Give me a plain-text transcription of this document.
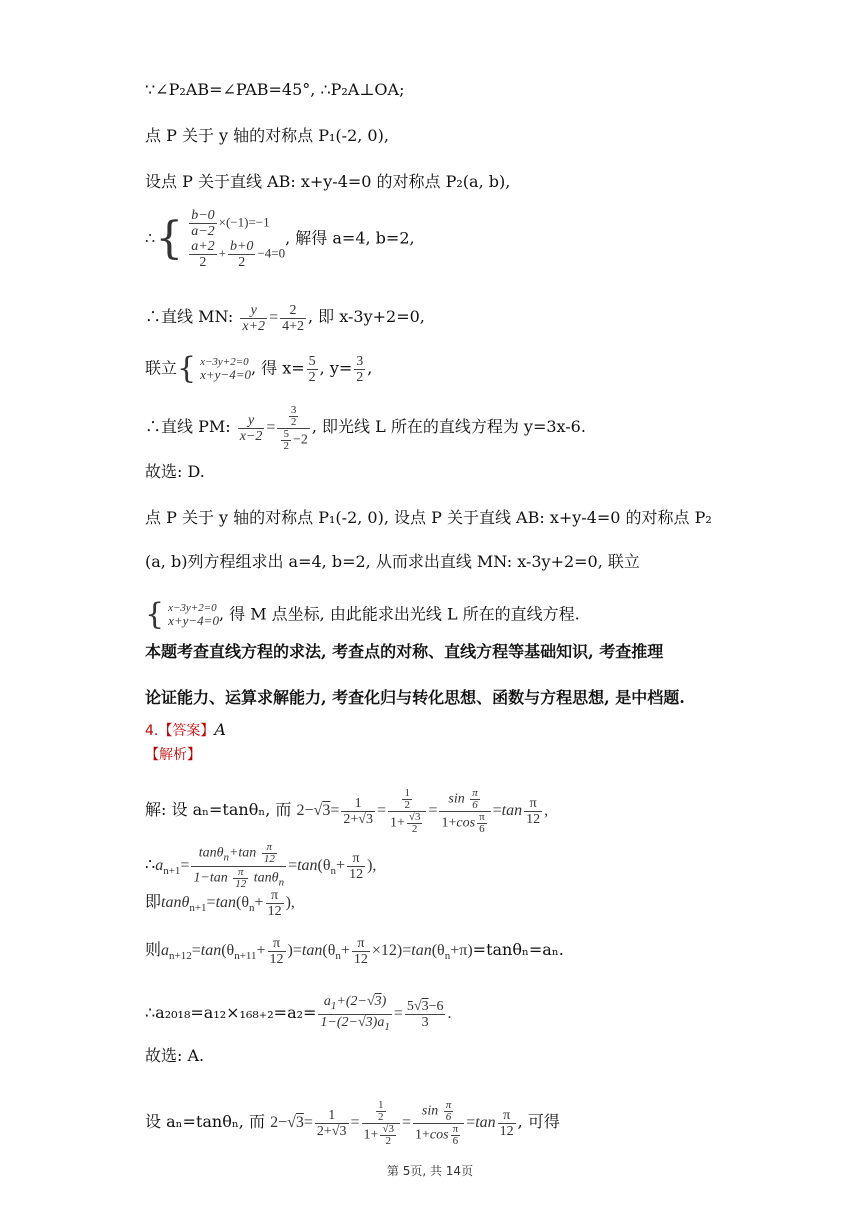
∵∠P₂AB=∠PAB=45°, ∴P₂A⊥OA;
点 P 关于 y 轴的对称点 P₁(-2, 0),
设点 P 关于直线 AB: x+y-4=0 的对称点 P₂(a, b),
∴{ $\frac{b-0}{a-2} \times(-1)=-1$
$\frac{a+2}{2} + \frac{b+0}{2} -4=0$
, 解得 a=4, b=2,
∴直线 MN: $\frac{y}{x+2} = \frac{2}{4+2}$ , 即 x-3y+2=0,
联立{ x−3y+2=0
x+y−4=0 , 得 $x= \frac{5}{2}$ , $y= \frac{3}{2}$ ,
∴直线 PM: $\frac{y}{x-2} = \frac{\frac{3}{2}}{\frac{5}{2} -2}$ , 即光线 L 所在的直线方程为 y=3x-6.
故选: D.
点 P 关于 y 轴的对称点 P₁(-2, 0), 设点 P 关于直线 AB: x+y-4=0 的对称点 P₂
(a, b)列方程组求出 a=4, b=2, 从而求出直线 MN: x-3y+2=0, 联立
{ x−3y+2=0
x+y−4=0 , 得 M 点坐标, 由此能求出光线 L 所在的直线方程.
本题考查直线方程的求法, 考查点的对称、直线方程等基础知识, 考查推理
论证能力、运算求解能力, 考查化归与转化思想、函数与方程思想, 是中档题.
4.【答案】A
【解析】
解: 设 aₙ=tanθₙ, 而 $2-√3= \frac{1}{2+√3} = \frac{\frac{1}{2}}{1+ \frac{√3}{2}} = \frac{\sin \frac{\pi}{6}}{1+\cos \frac{\pi}{6}} =\tan \frac{\pi}{12}$ ,
$\therefore a_{n+1}= \frac{\tan\theta_n+\tan \frac{\pi}{12}}{1-\tan \frac{\pi}{12} \tan\theta_n} =\tan(\theta_n+ \frac{\pi}{12}$ ),
即$\tan\theta_{n+1}=\tan(\theta_n+ \frac{\pi}{12}$ ),
则$a_{n+12}=\tan(\theta_{n+11}+ \frac{\pi}{12} )=\tan(\theta_n+ \frac{\pi}{12} \times 12)=\tan(\theta_n+\pi)=\tan\theta_n=a_n$.
∴a₂₀₁₈=a₁₂×₁₆₈₊₂=a₂= $\frac{a_1+(2-√3)}{1-(2-√3)a_1} = \frac{5√3-6}{3}$ .
故选: A.
设 aₙ=tanθₙ, 而 $2-√3= \frac{1}{2+√3} = \frac{\frac{1}{2}}{1+ \frac{√3}{2}} = \frac{\sin \frac{\pi}{6}}{1+\cos \frac{\pi}{6}} =\tan \frac{\pi}{12}$ , 可得
第 5页, 共 14页
